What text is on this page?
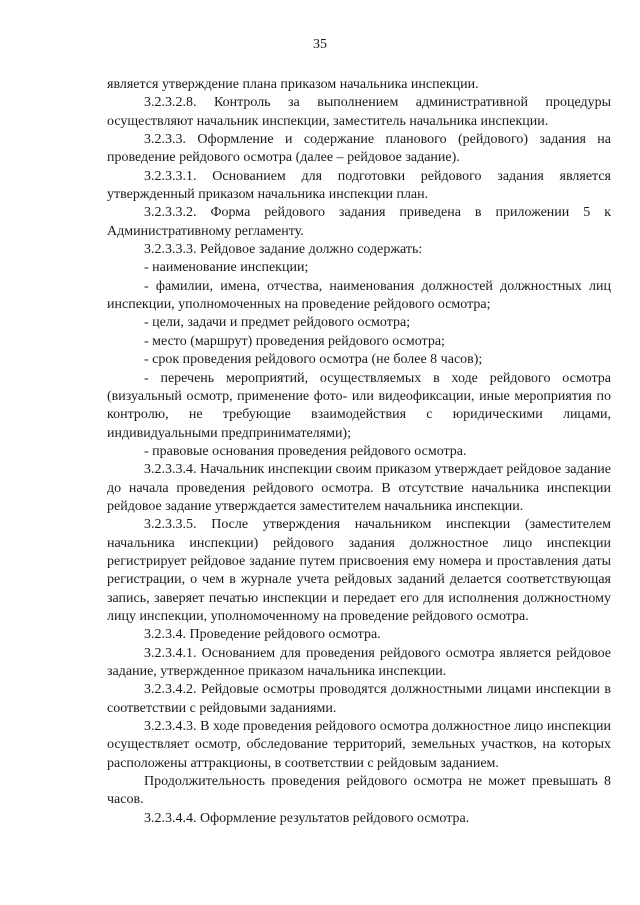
35

является утверждение плана приказом начальника инспекции.

3.2.3.2.8. Контроль за выполнением административной процедуры осуществляют начальник инспекции, заместитель начальника инспекции.

3.2.3.3. Оформление и содержание планового (рейдового) задания на проведение рейдового осмотра (далее – рейдовое задание).

3.2.3.3.1. Основанием для подготовки рейдового задания является утвержденный приказом начальника инспекции план.

3.2.3.3.2. Форма рейдового задания приведена в приложении 5 к Административному регламенту.

3.2.3.3.3. Рейдовое задание должно содержать:

- наименование инспекции;

- фамилии, имена, отчества, наименования должностей должностных лиц инспекции, уполномоченных на проведение рейдового осмотра;

- цели, задачи и предмет рейдового осмотра;

- место (маршрут) проведения рейдового осмотра;

- срок проведения рейдового осмотра (не более 8 часов);

- перечень мероприятий, осуществляемых в ходе рейдового осмотра (визуальный осмотр, применение фото- или видеофиксации, иные мероприятия по контролю, не требующие взаимодействия с юридическими лицами, индивидуальными предпринимателями);

- правовые основания проведения рейдового осмотра.

3.2.3.3.4. Начальник инспекции своим приказом утверждает рейдовое задание до начала проведения рейдового осмотра. В отсутствие начальника инспекции рейдовое задание утверждается заместителем начальника инспекции.

3.2.3.3.5. После утверждения начальником инспекции (заместителем начальника инспекции) рейдового задания должностное лицо инспекции регистрирует рейдовое задание путем присвоения ему номера и проставления даты регистрации, о чем в журнале учета рейдовых заданий делается соответствующая запись, заверяет печатью инспекции и передает его для исполнения должностному лицу инспекции, уполномоченному на проведение рейдового осмотра.

3.2.3.4. Проведение рейдового осмотра.

3.2.3.4.1. Основанием для проведения рейдового осмотра является рейдовое задание, утвержденное приказом начальника инспекции.

3.2.3.4.2. Рейдовые осмотры проводятся должностными лицами инспекции в соответствии с рейдовыми заданиями.

3.2.3.4.3. В ходе проведения рейдового осмотра должностное лицо инспекции осуществляет осмотр, обследование территорий, земельных участков, на которых расположены аттракционы, в соответствии с рейдовым заданием.

Продолжительность проведения рейдового осмотра не может превышать 8 часов.

3.2.3.4.4. Оформление результатов рейдового осмотра.
